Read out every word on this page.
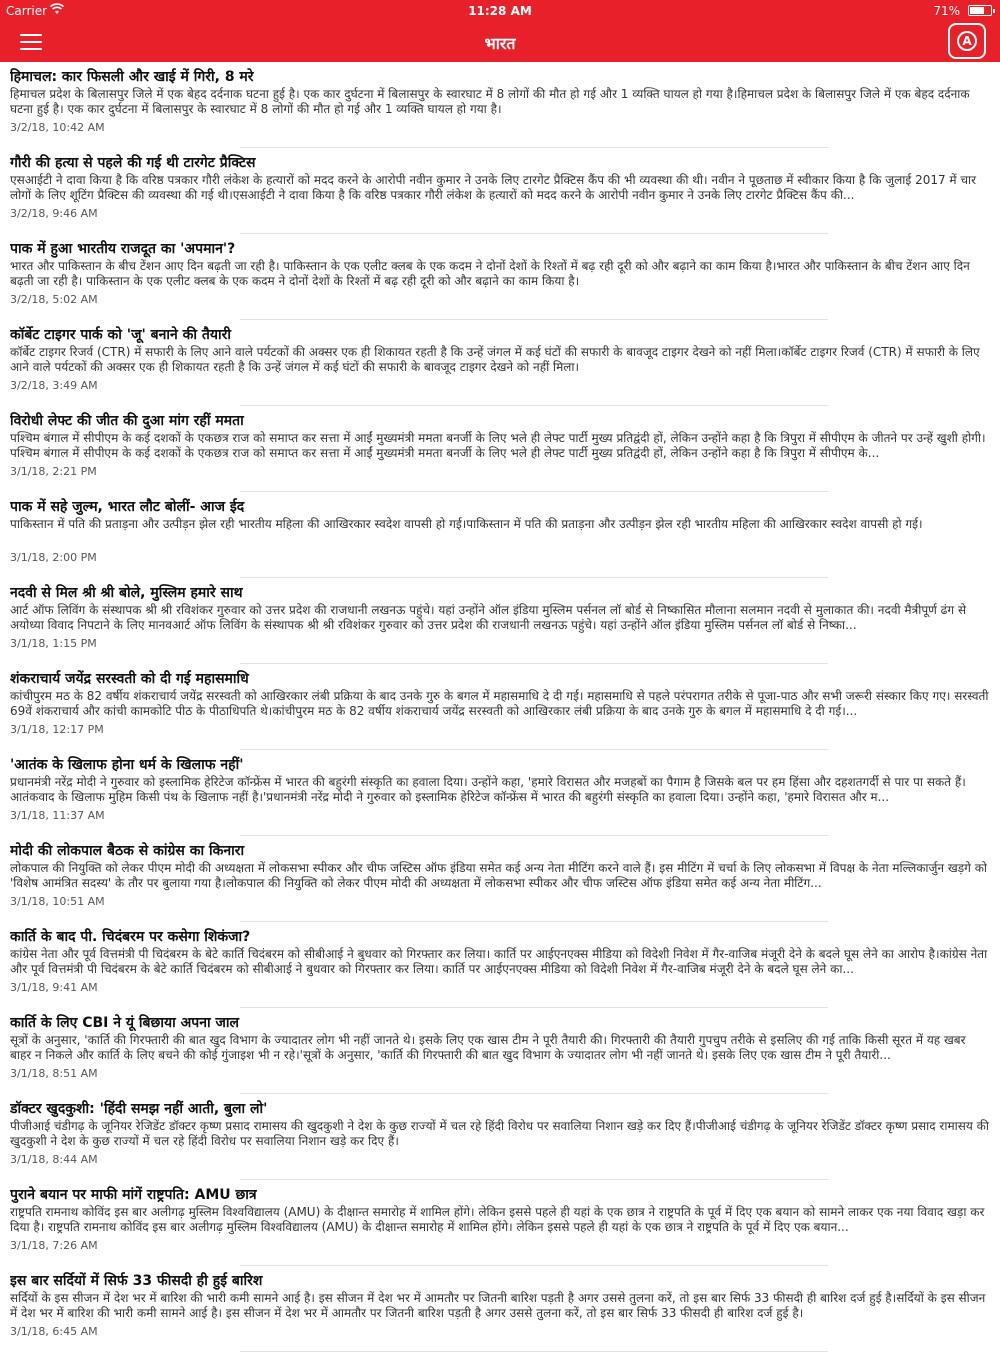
Carrier	11:28 AM	71%
भारत	A
हिमाचल: कार फिसली और खाई में गिरी, 8 मरे
हिमाचल प्रदेश के बिलासपुर जिले में एक बेहद दर्दनाक घटना हुई है। एक कार दुर्घटना में बिलासपुर के स्वारघाट में 8 लोगों की मौत हो गई और 1 व्यक्ति घायल हो गया है।हिमाचल प्रदेश के बिलासपुर जिले में एक बेहद दर्दनाक घटना हुई है। एक कार दुर्घटना में बिलासपुर के स्वारघाट में 8 लोगों की मौत हो गई और 1 व्यक्ति घायल हो गया है।
3/2/18, 10:42 AM
गौरी की हत्या से पहले की गई थी टारगेट प्रैक्टिस
एसआईटी ने दावा किया है कि वरिष्ठ पत्रकार गौरी लंकेश के हत्यारों को मदद करने के आरोपी नवीन कुमार ने उनके लिए टारगेट प्रैक्टिस कैंप की भी व्यवस्था की थी। नवीन ने पूछताछ में स्वीकार किया है कि जुलाई 2017 में चार लोगों के लिए शूटिंग प्रैक्टिस की व्यवस्था की गई थी।एसआईटी ने दावा किया है कि वरिष्ठ पत्रकार गौरी लंकेश के हत्यारों को मदद करने के आरोपी नवीन कुमार ने उनके लिए टारगेट प्रैक्टिस कैंप की...
3/2/18, 9:46 AM
पाक में हुआ भारतीय राजदूत का 'अपमान'?
भारत और पाकिस्तान के बीच टेंशन आए दिन बढ़ती जा रही है। पाकिस्तान के एक एलीट क्लब के एक कदम ने दोनों देशों के रिश्तों में बढ़ रही दूरी को और बढ़ाने का काम किया है।भारत और पाकिस्तान के बीच टेंशन आए दिन बढ़ती जा रही है। पाकिस्तान के एक एलीट क्लब के एक कदम ने दोनों देशों के रिश्तों में बढ़ रही दूरी को और बढ़ाने का काम किया है।
3/2/18, 5:02 AM
कॉर्बेट टाइगर पार्क को 'जू' बनाने की तैयारी
कॉर्बेट टाइगर रिजर्व (CTR) में सफारी के लिए आने वाले पर्यटकों की अक्सर एक ही शिकायत रहती है कि उन्हें जंगल में कई घंटों की सफारी के बावजूद टाइगर देखने को नहीं मिला।कॉर्बेट टाइगर रिजर्व (CTR) में सफारी के लिए आने वाले पर्यटकों की अक्सर एक ही शिकायत रहती है कि उन्हें जंगल में कई घंटों की सफारी के बावजूद टाइगर देखने को नहीं मिला।
3/2/18, 3:49 AM
विरोधी लेफ्ट की जीत की दुआ मांग रहीं ममता
पश्चिम बंगाल में सीपीएम के कई दशकों के एकछत्र राज को समाप्त कर सत्ता में आईं मुख्यमंत्री ममता बनर्जी के लिए भले ही लेफ्ट पार्टी मुख्य प्रतिद्वंदी हों, लेकिन उन्होंने कहा है कि त्रिपुरा में सीपीएम के जीतने पर उन्हें खुशी होगी। पश्चिम बंगाल में सीपीएम के कई दशकों के एकछत्र राज को समाप्त कर सत्ता में आईं मुख्यमंत्री ममता बनर्जी के लिए भले ही लेफ्ट पार्टी मुख्य प्रतिद्वंदी हों, लेकिन उन्होंने कहा है कि त्रिपुरा में सीपीएम के...
3/1/18, 2:21 PM
पाक में सहे जुल्म, भारत लौट बोलीं- आज ईद
पाकिस्तान में पति की प्रताड़ना और उत्पीड़न झेल रही भारतीय महिला की आखिरकार स्वदेश वापसी हो गई।पाकिस्तान में पति की प्रताड़ना और उत्पीड़न झेल रही भारतीय महिला की आखिरकार स्वदेश वापसी हो गई।
3/1/18, 2:00 PM
नदवी से मिल श्री श्री बोले, मुस्लिम हमारे साथ
आर्ट ऑफ लिविंग के संस्थापक श्री श्री रविशंकर गुरुवार को उत्तर प्रदेश की राजधानी लखनऊ पहुंचे। यहां उन्होंने ऑल इंडिया मुस्लिम पर्सनल लॉ बोर्ड से निष्कासित मौलाना सलमान नदवी से मुलाकात की। नदवी मैत्रीपूर्ण ढंग से अयोध्या विवाद निपटाने के लिए मानवआर्ट ऑफ लिविंग के संस्थापक श्री श्री रविशंकर गुरुवार को उत्तर प्रदेश की राजधानी लखनऊ पहुंचे। यहां उन्होंने ऑल इंडिया मुस्लिम पर्सनल लॉ बोर्ड से निष्का...
3/1/18, 1:15 PM
शंकराचार्य जयेंद्र सरस्वती को दी गई महासमाधि
कांचीपुरम मठ के 82 वर्षीय शंकराचार्य जयेंद्र सरस्वती को आखिरकार लंबी प्रक्रिया के बाद उनके गुरु के बगल में महासमाधि दे दी गई। महासमाधि से पहले परंपरागत तरीके से पूजा-पाठ और सभी जरूरी संस्कार किए गए। सरस्वती 69वें शंकराचार्य और कांची कामकोटि पीठ के पीठाधिपति थे।कांचीपुरम मठ के 82 वर्षीय शंकराचार्य जयेंद्र सरस्वती को आखिरकार लंबी प्रक्रिया के बाद उनके गुरु के बगल में महासमाधि दे दी गई।...
3/1/18, 12:17 PM
'आतंक के खिलाफ होना धर्म के खिलाफ नहीं'
प्रधानमंत्री नरेंद्र मोदी ने गुरुवार को इस्लामिक हेरिटेज कॉन्फ्रेंस में भारत की बहुरंगी संस्कृति का हवाला दिया। उन्होंने कहा, 'हमारे विरासत और मजहबों का पैगाम है जिसके बल पर हम हिंसा और दहशतगर्दी से पार पा सकते हैं। आतंकवाद के खिलाफ मुहिम किसी पंथ के खिलाफ नहीं है।'प्रधानमंत्री नरेंद्र मोदी ने गुरुवार को इस्लामिक हेरिटेज कॉन्फ्रेंस में भारत की बहुरंगी संस्कृति का हवाला दिया। उन्होंने कहा, 'हमारे विरासत और म...
3/1/18, 11:37 AM
मोदी की लोकपाल बैठक से कांग्रेस का किनारा
लोकपाल की नियुक्ति को लेकर पीएम मोदी की अध्यक्षता में लोकसभा स्पीकर और चीफ जस्टिस ऑफ इंडिया समेत कई अन्य नेता मीटिंग करने वाले हैं। इस मीटिंग में चर्चा के लिए लोकसभा में विपक्ष के नेता मल्लिकार्जुन खड़गे को 'विशेष आमंत्रित सदस्य' के तौर पर बुलाया गया है।लोकपाल की नियुक्ति को लेकर पीएम मोदी की अध्यक्षता में लोकसभा स्पीकर और चीफ जस्टिस ऑफ इंडिया समेत कई अन्य नेता मीटिंग...
3/1/18, 10:51 AM
कार्ति के बाद पी. चिदंबरम पर कसेगा शिकंजा?
कांग्रेस नेता और पूर्व वित्तमंत्री पी चिदंबरम के बेटे कार्ति चिदंबरम को सीबीआई ने बुधवार को गिरफ्तार कर लिया। कार्ति पर आईएनएक्स मीडिया को विदेशी निवेश में गैर-वाजिब मंजूरी देने के बदले घूस लेने का आरोप है।कांग्रेस नेता और पूर्व वित्तमंत्री पी चिदंबरम के बेटे कार्ति चिदंबरम को सीबीआई ने बुधवार को गिरफ्तार कर लिया। कार्ति पर आईएनएक्स मीडिया को विदेशी निवेश में गैर-वाजिब मंजूरी देने के बदले घूस लेने का...
3/1/18, 9:41 AM
कार्ति के लिए CBI ने यूं बिछाया अपना जाल
सूत्रों के अनुसार, 'कार्ति की गिरफ्तारी की बात खुद विभाग के ज्यादातर लोग भी नहीं जानते थे। इसके लिए एक खास टीम ने पूरी तैयारी की। गिरफ्तारी की तैयारी गुपचुप तरीके से इसलिए की गई ताकि किसी सूरत में यह खबर बाहर न निकले और कार्ति के लिए बचने की कोई गुंजाइश भी न रहे।'सूत्रों के अनुसार, 'कार्ति की गिरफ्तारी की बात खुद विभाग के ज्यादातर लोग भी नहीं जानते थे। इसके लिए एक खास टीम ने पूरी तैयारी...
3/1/18, 8:51 AM
डॉक्टर खुदकुशी: 'हिंदी समझ नहीं आती, बुला लो'
पीजीआई चंडीगढ़ के जूनियर रेजिडेंट डॉक्टर कृष्ण प्रसाद रामासय की खुदकुशी ने देश के कुछ राज्यों में चल रहे हिंदी विरोध पर सवालिया निशान खड़े कर दिए हैं।पीजीआई चंडीगढ़ के जूनियर रेजिडेंट डॉक्टर कृष्ण प्रसाद रामासय की खुदकुशी ने देश के कुछ राज्यों में चल रहे हिंदी विरोध पर सवालिया निशान खड़े कर दिए हैं।
3/1/18, 8:44 AM
पुराने बयान पर माफी मांगें राष्ट्रपति: AMU छात्र
राष्ट्रपति रामनाथ कोविंद इस बार अलीगढ़ मुस्लिम विश्वविद्यालय (AMU) के दीक्षान्त समारोह में शामिल होंगे। लेकिन इससे पहले ही यहां के एक छात्र ने राष्ट्रपति के पूर्व में दिए एक बयान को सामने लाकर एक नया विवाद खड़ा कर दिया है। राष्ट्रपति रामनाथ कोविंद इस बार अलीगढ़ मुस्लिम विश्वविद्यालय (AMU) के दीक्षान्त समारोह में शामिल होंगे। लेकिन इससे पहले ही यहां के एक छात्र ने राष्ट्रपति के पूर्व में दिए एक बयान...
3/1/18, 7:26 AM
इस बार सर्दियों में सिर्फ 33 फीसदी ही हुई बारिश
सर्दियों के इस सीजन में देश भर में बारिश की भारी कमी सामने आई है। इस सीजन में देश भर में आमतौर पर जितनी बारिश पड़ती है अगर उससे तुलना करें, तो इस बार सिर्फ 33 फीसदी ही बारिश दर्ज हुई है।सर्दियों के इस सीजन में देश भर में बारिश की भारी कमी सामने आई है। इस सीजन में देश भर में आमतौर पर जितनी बारिश पड़ती है अगर उससे तुलना करें, तो इस बार सिर्फ 33 फीसदी ही बारिश दर्ज हुई है।
3/1/18, 6:45 AM
